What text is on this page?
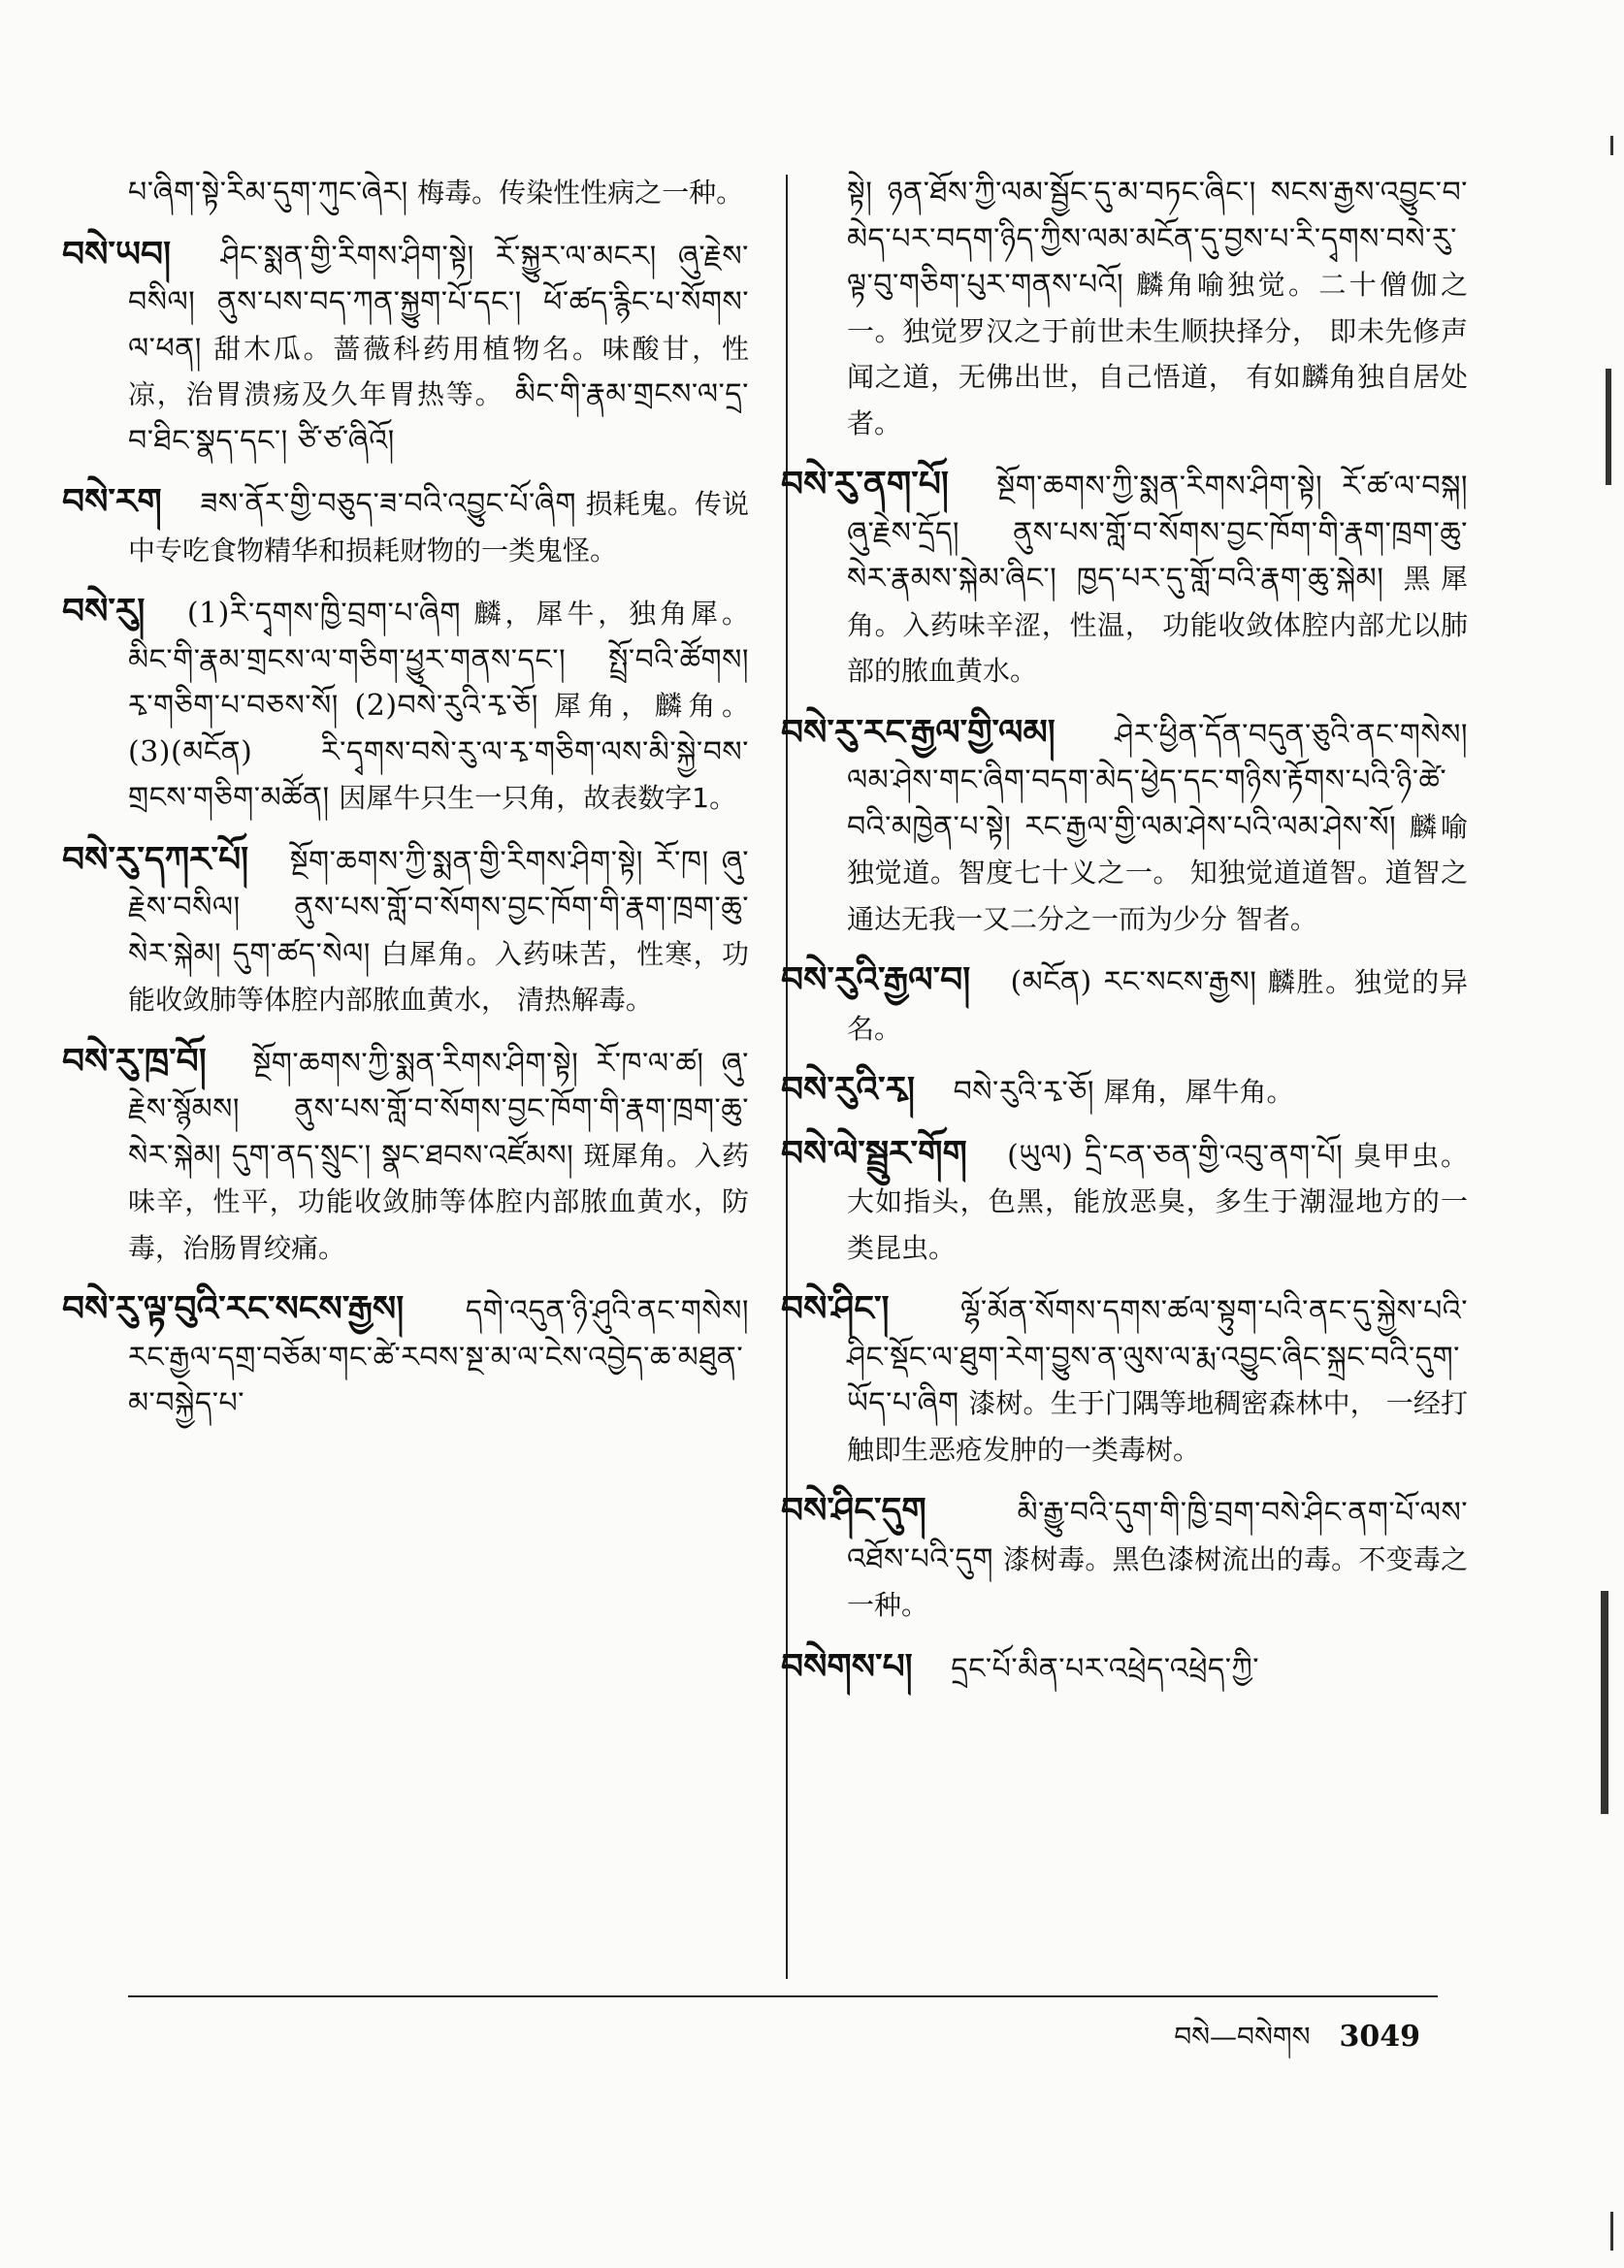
པ་ཞིག་སྟེ་རིམ་དུག་ཀུང་ཞེར། 梅毒。传染性性病之一种。

བསེ་ཡབ། ཤིང་སྨན་གྱི་རིགས་ཤིག་སྟེ། རོ་སྐྱུར་ལ་མངར། ཞུ་རྗེས་བསིལ། ནུས་པས་བད་ཀན་སྐྱུག་པོ་དང་། ཕོ་ཚད་རྙིང་པ་སོགས་ལ་ཕན། 甜木瓜。蔷薇科药用植物名。味酸甘，性凉，治胃溃疡及久年胃热等。 མིང་གི་རྣམ་གྲངས་ལ་དྲ་བ་ཐིང་སྣད་དང་། ཙི་ཙ་ཞིའོ།

བསེ་རག ཟས་ནོར་གྱི་བཅུད་ཟ་བའི་འབྱུང་པོ་ཞིག 损耗鬼。传说中专吃食物精华和损耗财物的一类鬼怪。

བསེ་རུ། (1)རི་དྭགས་ཁྱི་བྲག་པ་ཞིག 麟，犀牛，独角犀。 མིང་གི་རྣམ་གྲངས་ལ་གཅིག་ཕྱུར་གནས་དང་། སྤྲོ་བའི་ཚོགས། རྭ་གཅིག་པ་བཅས་སོ། (2)བསེ་རུའི་རྭ་ཅོ། 犀角，麟角。 (3)(མངོན) རི་དྭགས་བསེ་རུ་ལ་རྭ་གཅིག་ལས་མི་སྐྱེ་བས་གྲངས་གཅིག་མཚོན། 因犀牛只生一只角，故表数字1。

བསེ་རུ་དཀར་པོ། སྔོག་ཆགས་ཀྱི་སྨན་གྱི་རིགས་ཤིག་སྟེ། རོ་ཁ། ཞུ་རྗེས་བསིལ། ནུས་པས་གློ་བ་སོགས་བྱང་ཁོག་གི་རྣག་ཁྲག་ཆུ་སེར་སྐེམ། དུག་ཚད་སེལ། 白犀角。入药味苦，性寒，功能收敛肺等体腔内部脓血黄水， 清热解毒。

བསེ་རུ་ཁྲ་བོ། སྔོག་ཆགས་ཀྱི་སྨན་རིགས་ཤིག་སྟེ། རོ་ཁ་ལ་ཚ། ཞུ་རྗེས་སྙོམས། ནུས་པས་གློ་བ་སོགས་བྱང་ཁོག་གི་རྣག་ཁྲག་ཆུ་སེར་སྐེམ། དུག་ནད་སྲུང་། སྣང་ཐབས་འཛོམས། 斑犀角。入药味辛，性平，功能收敛肺等体腔内部脓血黄水，防毒，治肠胃绞痛。

བསེ་རུ་ལྟ་བུའི་རང་སངས་རྒྱས། དགེ་འདུན་ཉི་ཤུའི་ནང་གསེས། རང་རྒྱལ་དགྲ་བཅོམ་གང་ཚེ་རབས་སྔ་མ་ལ་ངེས་འབྱེད་ཆ་མཐུན་མ་བསྐྱེད་པ་

སྟེ། ཉན་ཐོས་ཀྱི་ལམ་སྦྱོང་དུ་མ་བཏང་ཞིང་། སངས་རྒྱས་འབྱུང་བ་མེད་པར་བདག་ཉིད་ཀྱིས་ལམ་མངོན་དུ་བྱས་པ་རི་དྭགས་བསེ་རུ་ལྟ་བུ་གཅིག་པུར་གནས་པའོ། 麟角喻独觉。二十僧伽之一。独觉罗汉之于前世未生顺抉择分， 即未先修声闻之道，无佛出世，自己悟道， 有如麟角独自居处者。

བསེ་རུ་ནག་པོ། སྔོག་ཆགས་ཀྱི་སྨན་རིགས་ཤིག་སྟེ། རོ་ཚ་ལ་བསྐ། ཞུ་རྗེས་དྲོད། ནུས་པས་གློ་བ་སོགས་བྱང་ཁོག་གི་རྣག་ཁྲག་ཆུ་སེར་རྣམས་སྐེམ་ཞིང་། ཁྱད་པར་དུ་གློ་བའི་རྣག་ཆུ་སྐེམ། 黑犀角。入药味辛涩，性温， 功能收敛体腔内部尤以肺部的脓血黄水。

བསེ་རུ་རང་རྒྱལ་གྱི་ལམ། ཤེར་ཕྱིན་དོན་བདུན་ཅུའི་ནང་གསེས། ལམ་ཤེས་གང་ཞིག་བདག་མེད་ཕྱེད་དང་གཉིས་རྟོགས་པའི་ཉི་ཚེ་བའི་མཁྱེན་པ་སྟེ། རང་རྒྱལ་གྱི་ལམ་ཤེས་པའི་ལམ་ཤེས་སོ། 麟喻独觉道。智度七十义之一。 知独觉道道智。道智之通达无我一又二分之一而为少分 智者。

བསེ་རུའི་རྒྱལ་བ། (མངོན) རང་སངས་རྒྱས། 麟胜。独觉的异名。

བསེ་རུའི་རྭ། བསེ་རུའི་རྭ་ཅོ། 犀角，犀牛角。

བསེ་ལེ་སྦྲུར་གོག (ཡུལ) དྲི་ངན་ཅན་གྱི་འབུ་ནག་པོ། 臭甲虫。大如指头，色黑，能放恶臭，多生于潮湿地方的一类昆虫。

བསེ་ཤིང་། ལྷོ་མོན་སོགས་དགས་ཚལ་སྟུག་པའི་ནང་དུ་སྐྱེས་པའི་ཤིང་སྡོང་ལ་ཐུག་རེག་བྱུས་ན་ལུས་ལ་རྨ་འབྱུང་ཞིང་སྐྲང་བའི་དུག་ཡོད་པ་ཞིག 漆树。生于门隅等地稠密森林中， 一经打触即生恶疮发肿的一类毒树。

བསེ་ཤིང་དུག	མི་རྒྱུ་བའི་དུག་གི་ཁྱི་བྲག་བསེ་ཤིང་ནག་པོ་ལས་འཐོས་པའི་དུག 漆树毒。黑色漆树流出的毒。不变毒之一种。

བསེགས་པ། དྲང་པོ་མིན་པར་འཕྲེད་འཕྲེད་ཀྱི་

བསེ—བསེགས 3049
